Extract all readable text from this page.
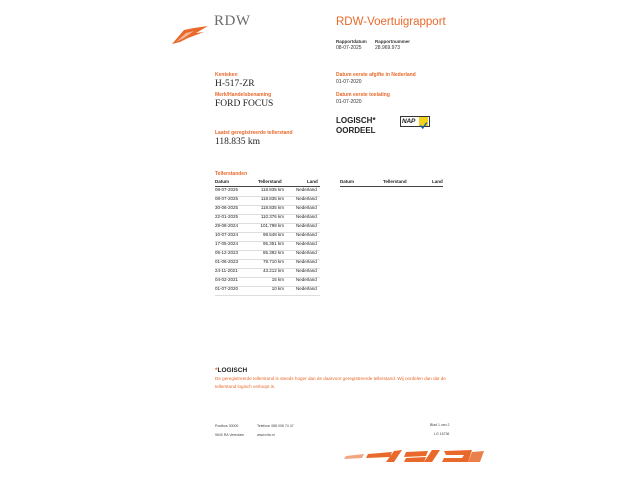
RDW	RDW-Voertuigrapport
Rapportdatum Rapportnummer
08-07-2025	28.969.973
Kenteken
H-517-ZR
Merk/Handelsbenaming
FORD FOCUS
Laatst geregistreerde tellerstand
118.835 km
Datum eerste afgifte in Nederland
01-07-2020
Datum eerste toelating
01-07-2020
LOGISCH*
OORDEEL
NAP
Tellerstanden
Datum	Tellerstand	Land	Datum	Tellerstand	Land
08-07-2025	118.835 km	Nederland
08-07-2025	118.835 km	Nederland
30-06-2025	118.835 km	Nederland
22-01-2025	110.376 km	Nederland
29-08-2024	101.798 km	Nederland
10-07-2024	98.548 km	Nederland
17-05-2024	95.351 km	Nederland
05-12-2023	85.392 km	Nederland
01-06-2023	78.710 km	Nederland
24-11-2021	43.212 km	Nederland
04-02-2021	15 km	Nederland
01-07-2020	10 km	Nederland
*LOGISCH
De geregistreerde tellerstand is steeds hoger dan de daarvoor geregistreerde tellerstand. Wij oordelen dan dat de tellerstand logisch verloopt is.
Postbus 30000
9640 RA Veendam
Telefoon 088 008 74 47
www.rdw.nl
Blad 1 van 2
LG 16736
